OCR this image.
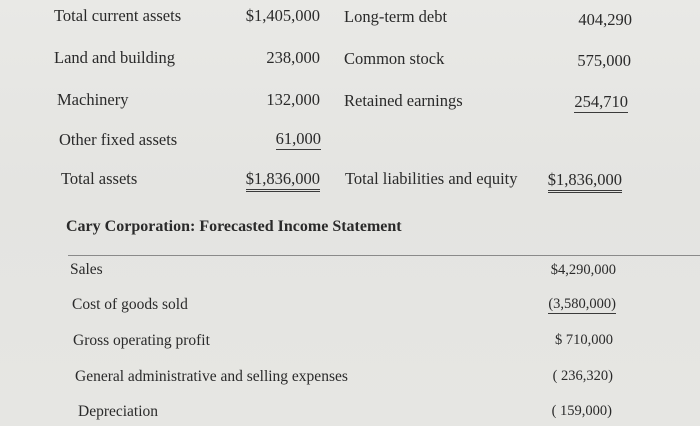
Total current assets
Land and building
Machinery
Other fixed assets
Total assets
$1,405,000
238,000
132,000
61,000
$1,836,000
Long-term debt
Common stock
Retained earnings
Total liabilities and equity
404,290
575,000
254,710
$1,836,000
Cary Corporation: Forecasted Income Statement
Sales
Cost of goods sold
Gross operating profit
General administrative and selling expenses
Depreciation
$4,290,000
(3,580,000)
$ 710,000
( 236,320)
( 159,000)
